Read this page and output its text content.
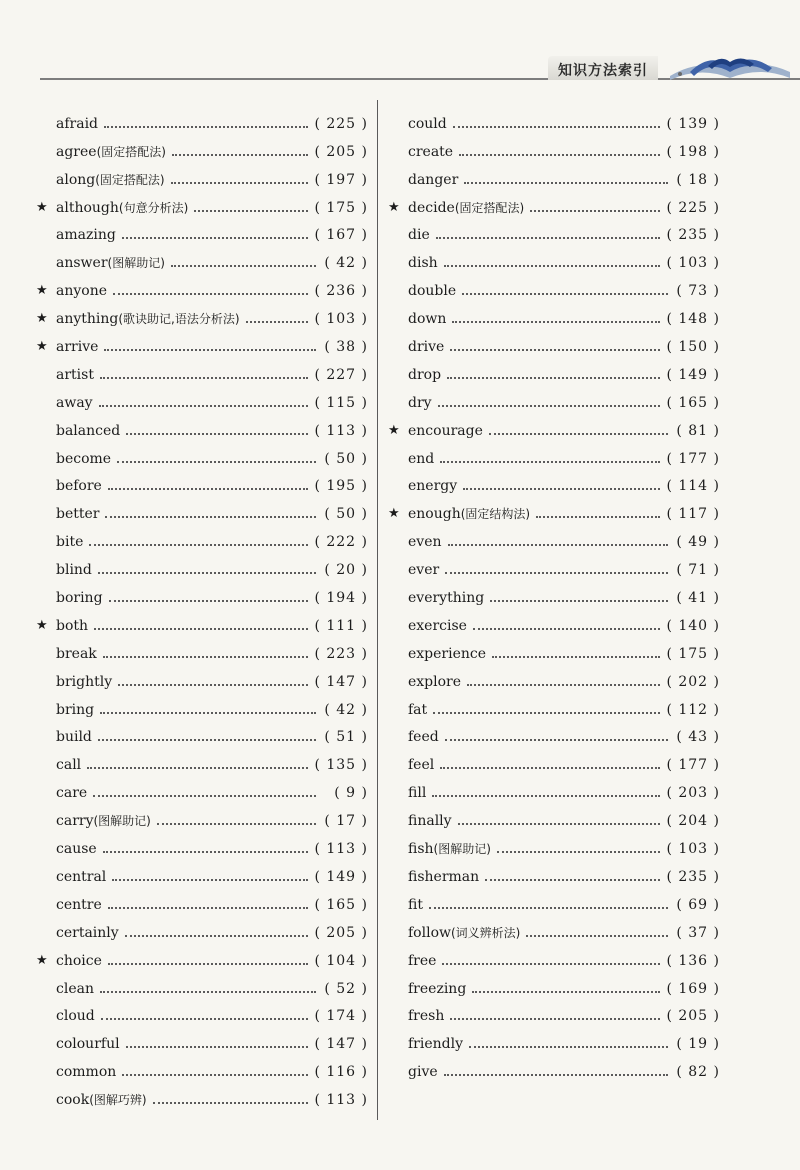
知识方法索引
afraid	( 225 )
agree(固定搭配法)	( 205 )
along(固定搭配法)	( 197 )
★ although(句意分析法)	( 175 )
amazing	( 167 )
answer(图解助记)	( 42 )
★ anyone	( 236 )
★ anything(歌诀助记,语法分析法)	( 103 )
★ arrive	( 38 )
artist	( 227 )
away	( 115 )
balanced	( 113 )
become	( 50 )
before	( 195 )
better	( 50 )
bite	( 222 )
blind	( 20 )
boring	( 194 )
★ both	( 111 )
break	( 223 )
brightly	( 147 )
bring	( 42 )
build	( 51 )
call	( 135 )
care	( 9 )
carry(图解助记)	( 17 )
cause	( 113 )
central	( 149 )
centre	( 165 )
certainly	( 205 )
★ choice	( 104 )
clean	( 52 )
cloud	( 174 )
colourful	( 147 )
common	( 116 )
cook(图解巧辨)	( 113 )
could	( 139 )
create	( 198 )
danger	( 18 )
★ decide(固定搭配法)	( 225 )
die	( 235 )
dish	( 103 )
double	( 73 )
down	( 148 )
drive	( 150 )
drop	( 149 )
dry	( 165 )
★ encourage	( 81 )
end	( 177 )
energy	( 114 )
★ enough(固定结构法)	( 117 )
even	( 49 )
ever	( 71 )
everything	( 41 )
exercise	( 140 )
experience	( 175 )
explore	( 202 )
fat	( 112 )
feed	( 43 )
feel	( 177 )
fill	( 203 )
finally	( 204 )
fish(图解助记)	( 103 )
fisherman	( 235 )
fit	( 69 )
follow(词义辨析法)	( 37 )
free	( 136 )
freezing	( 169 )
fresh	( 205 )
friendly	( 19 )
give	( 82 )
